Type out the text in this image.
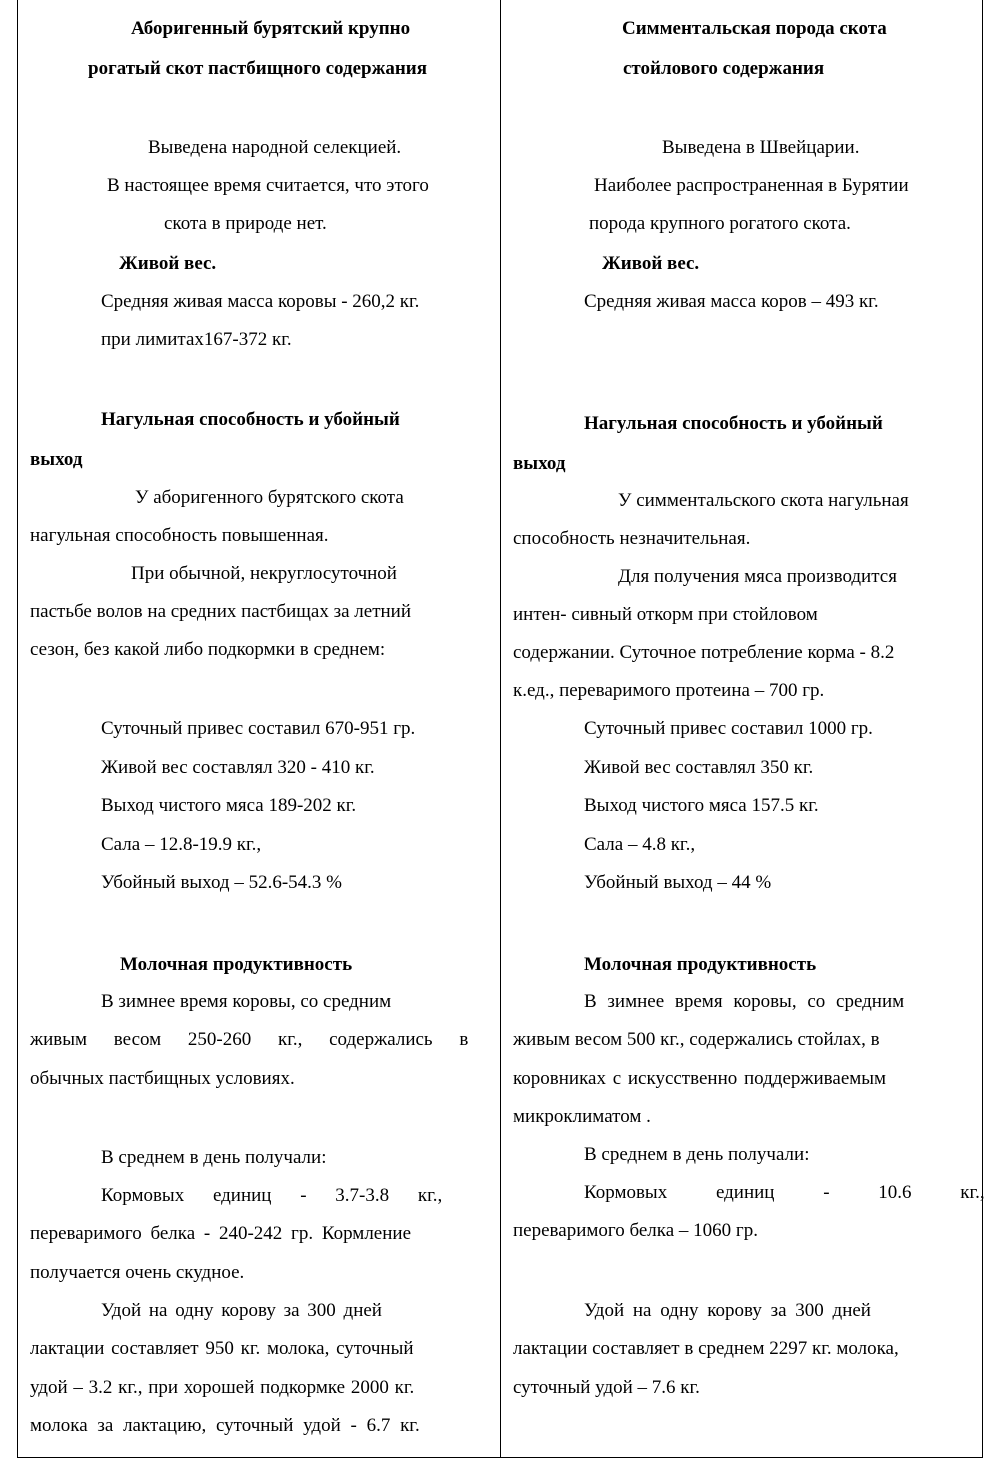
Аборигенный бурятский крупно
рогатый скот пастбищного содержания
Выведена народной селекцией.
В настоящее время считается, что этого
скота в природе нет.
Живой вес.
Средняя живая масса коровы - 260,2 кг.
при лимитах167-372 кг.
Нагульная способность и убойный
выход
У аборигенного бурятского скота
нагульная способность повышенная.
При обычной, некруглосуточной
пастьбе волов на средних пастбищах за летний
сезон, без какой либо подкормки в среднем:
Суточный привес составил 670-951 гр.
Живой вес составлял 320 - 410 кг.
Выход чистого мяса 189-202 кг.
Сала – 12.8-19.9 кг.,
Убойный выход – 52.6-54.3 %
Молочная продуктивность
В зимнее время коровы, со средним
живым весом 250-260 кг., содержались в
обычных пастбищных условиях.
В среднем в день получали:
Кормовых единиц - 3.7-3.8 кг.,
переваримого белка - 240-242 гр. Кормление
получается очень скудное.
Удой на одну корову за 300 дней
лактации составляет 950 кг. молока, суточный
удой – 3.2 кг., при хорошей подкормке 2000 кг.
молока за лактацию, суточный удой - 6.7 кг.
Симментальская порода скота
стойлового содержания
Выведена в Швейцарии.
Наиболее распространенная в Бурятии
порода крупного рогатого скота.
Живой вес.
Средняя живая масса коров – 493 кг.
Нагульная способность и убойный
выход
У симментальского скота нагульная
способность незначительная.
Для получения мяса производится
интен- сивный откорм при стойловом
содержании. Суточное потребление корма - 8.2
к.ед., переваримого протеина – 700 гр.
Суточный привес составил 1000 гр.
Живой вес составлял 350 кг.
Выход чистого мяса 157.5 кг.
Сала – 4.8 кг.,
Убойный выход – 44 %
Молочная продуктивность
В зимнее время коровы, со средним
живым весом 500 кг., содержались стойлах, в
коровниках с искусственно поддерживаемым
микроклиматом .
В среднем в день получали:
Кормовых единиц - 10.6 кг.,
переваримого белка – 1060 гр.
Удой на одну корову за 300 дней
лактации составляет в среднем 2297 кг. молока,
суточный удой – 7.6 кг.
